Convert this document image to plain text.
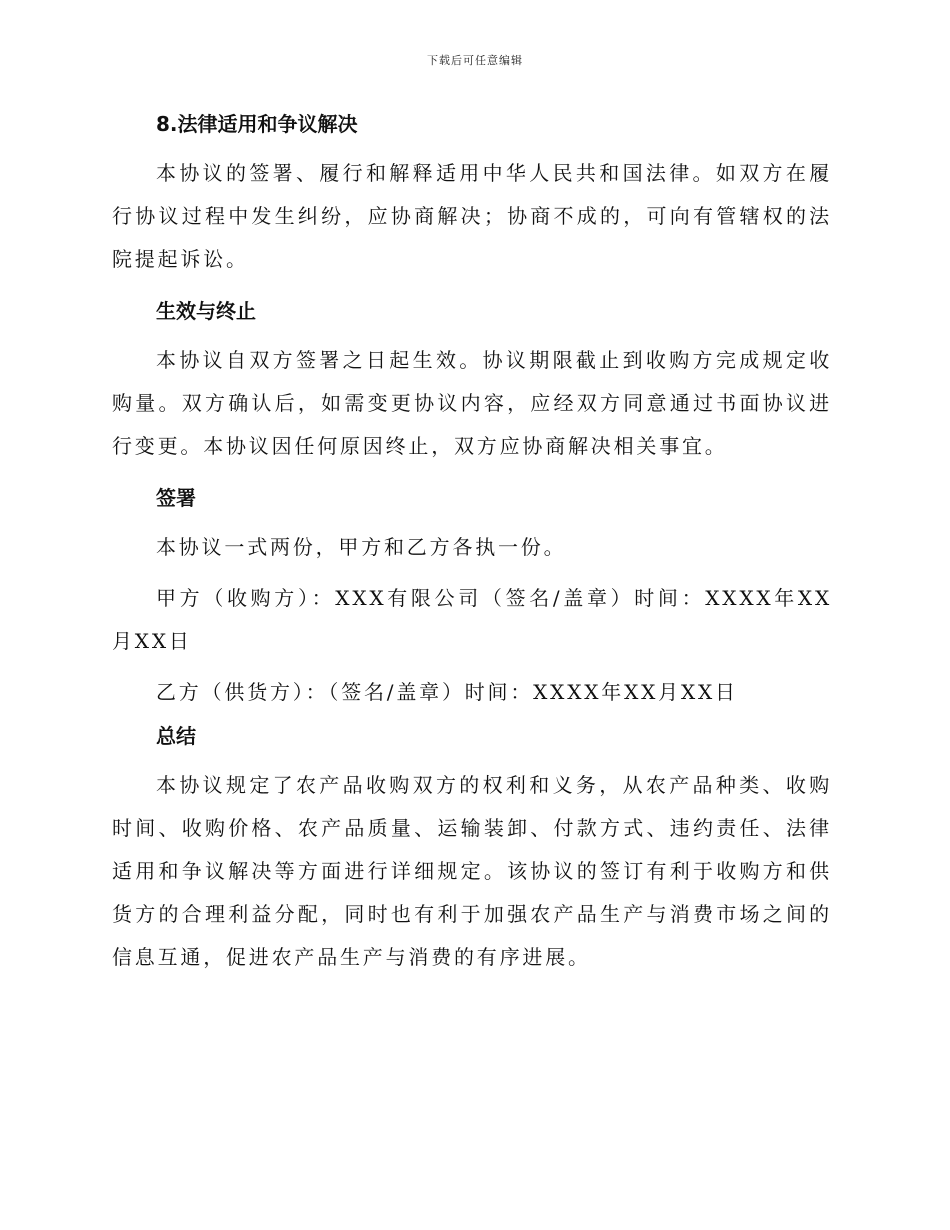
下载后可任意编辑
8.法律适用和争议解决

本协议的签署、履行和解释适用中华人民共和国法律。如双方在履行协议过程中发生纠纷，应协商解决；协商不成的，可向有管辖权的法院提起诉讼。

生效与终止

本协议自双方签署之日起生效。协议期限截止到收购方完成规定收购量。双方确认后，如需变更协议内容，应经双方同意通过书面协议进行变更。本协议因任何原因终止，双方应协商解决相关事宜。

签署

本协议一式两份，甲方和乙方各执一份。

甲方（收购方）：XXX有限公司（签名/盖章）时间：XXXX年XX月XX日

乙方（供货方）：（签名/盖章）时间：XXXX年XX月XX日

总结

本协议规定了农产品收购双方的权利和义务，从农产品种类、收购时间、收购价格、农产品质量、运输装卸、付款方式、违约责任、法律适用和争议解决等方面进行详细规定。该协议的签订有利于收购方和供货方的合理利益分配，同时也有利于加强农产品生产与消费市场之间的信息互通，促进农产品生产与消费的有序进展。
